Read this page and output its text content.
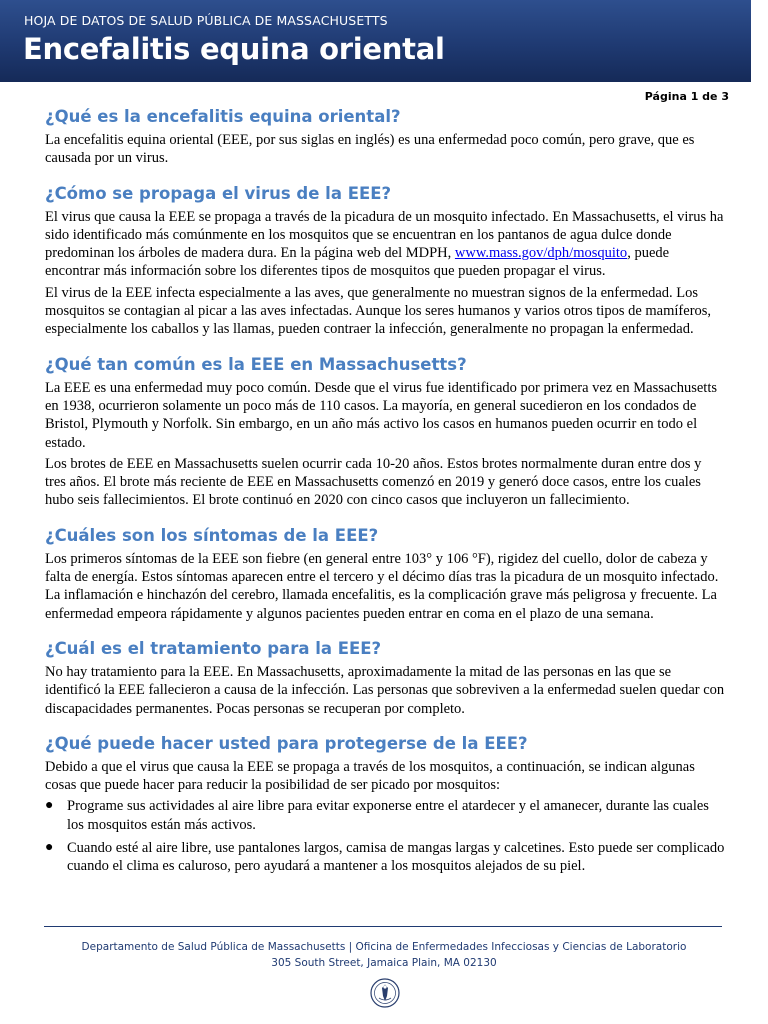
HOJA DE DATOS DE SALUD PÚBLICA DE MASSACHUSETTS
Encefalitis equina oriental
Página 1 de 3
¿Qué es la encefalitis equina oriental?

La encefalitis equina oriental (EEE, por sus siglas en inglés) es una enfermedad poco común, pero grave, que es causada por un virus.

¿Cómo se propaga el virus de la EEE?

El virus que causa la EEE se propaga a través de la picadura de un mosquito infectado. En Massachusetts, el virus ha sido identificado más comúnmente en los mosquitos que se encuentran en los pantanos de agua dulce donde predominan los árboles de madera dura. En la página web del MDPH, www.mass.gov/dph/mosquito, puede encontrar más información sobre los diferentes tipos de mosquitos que pueden propagar el virus.

El virus de la EEE infecta especialmente a las aves, que generalmente no muestran signos de la enfermedad. Los mosquitos se contagian al picar a las aves infectadas. Aunque los seres humanos y varios otros tipos de mamíferos, especialmente los caballos y las llamas, pueden contraer la infección, generalmente no propagan la enfermedad.

¿Qué tan común es la EEE en Massachusetts?

La EEE es una enfermedad muy poco común. Desde que el virus fue identificado por primera vez en Massachusetts en 1938, ocurrieron solamente un poco más de 110 casos. La mayoría, en general sucedieron en los condados de Bristol, Plymouth y Norfolk. Sin embargo, en un año más activo los casos en humanos pueden ocurrir en todo el estado.

Los brotes de EEE en Massachusetts suelen ocurrir cada 10-20 años. Estos brotes normalmente duran entre dos y tres años. El brote más reciente de EEE en Massachusetts comenzó en 2019 y generó doce casos, entre los cuales hubo seis fallecimientos. El brote continuó en 2020 con cinco casos que incluyeron un fallecimiento.

¿Cuáles son los síntomas de la EEE?

Los primeros síntomas de la EEE son fiebre (en general entre 103° y 106 °F), rigidez del cuello, dolor de cabeza y falta de energía. Estos síntomas aparecen entre el tercero y el décimo días tras la picadura de un mosquito infectado. La inflamación e hinchazón del cerebro, llamada encefalitis, es la complicación grave más peligrosa y frecuente. La enfermedad empeora rápidamente y algunos pacientes pueden entrar en coma en el plazo de una semana.

¿Cuál es el tratamiento para la EEE?

No hay tratamiento para la EEE. En Massachusetts, aproximadamente la mitad de las personas en las que se identificó la EEE fallecieron a causa de la infección. Las personas que sobreviven a la enfermedad suelen quedar con discapacidades permanentes. Pocas personas se recuperan por completo.

¿Qué puede hacer usted para protegerse de la EEE?

Debido a que el virus que causa la EEE se propaga a través de los mosquitos, a continuación, se indican algunas cosas que puede hacer para reducir la posibilidad de ser picado por mosquitos:

● Programe sus actividades al aire libre para evitar exponerse entre el atardecer y el amanecer, durante las cuales los mosquitos están más activos.
● Cuando esté al aire libre, use pantalones largos, camisa de mangas largas y calcetines. Esto puede ser complicado cuando el clima es caluroso, pero ayudará a mantener a los mosquitos alejados de su piel.
Departamento de Salud Pública de Massachusetts | Oficina de Enfermedades Infecciosas y Ciencias de Laboratorio
305 South Street, Jamaica Plain, MA 02130
